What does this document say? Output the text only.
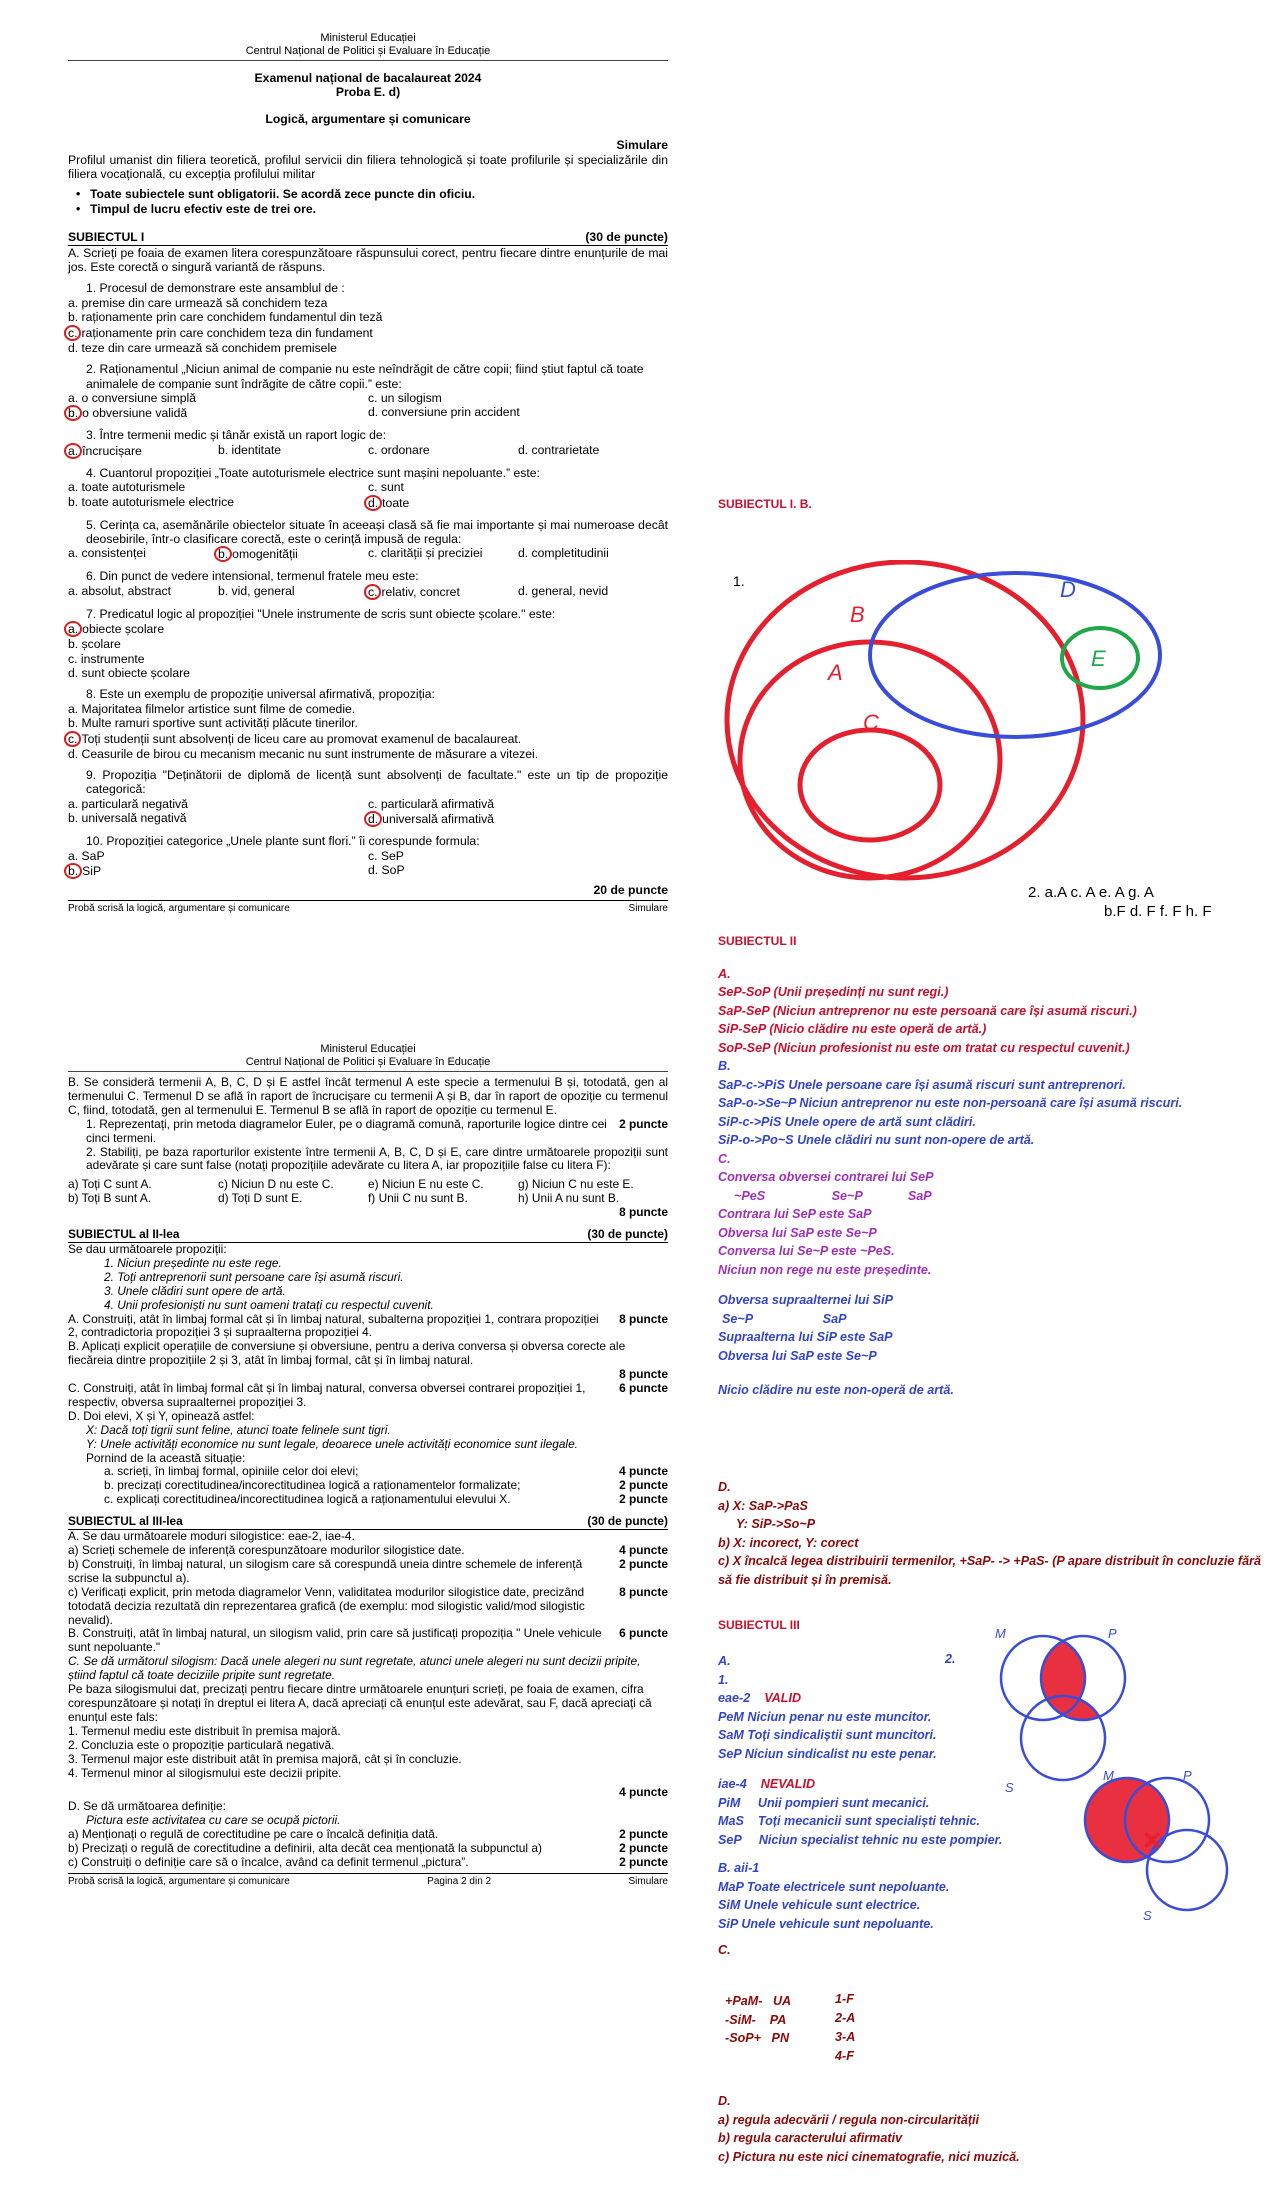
Ministerul Educației
Centrul Național de Politici și Evaluare în Educație
Examenul național de bacalaureat 2024
Proba E. d)
Logică, argumentare și comunicare
Simulare
Profilul umanist din filiera teoretică, profilul servicii din filiera tehnologică și toate profilurile și specializările din filiera vocațională, cu excepția profilului militar
• Toate subiectele sunt obligatorii. Se acordă zece puncte din oficiu.
• Timpul de lucru efectiv este de trei ore.
SUBIECTUL I	(30 de puncte)
A. Scrieți pe foaia de examen litera corespunzătoare răspunsului corect, pentru fiecare dintre enunțurile de mai jos. Este corectă o singură variantă de răspuns.
1. Procesul de demonstrare este ansamblul de :
a. premise din care urmează să conchidem teza
b. raționamente prin care conchidem fundamentul din teză
c. raționamente prin care conchidem teza din fundament
d. teze din care urmează să conchidem premisele
2. Raționamentul „Niciun animal de companie nu este neîndrăgit de către copii; fiind știut faptul că toate animalele de companie sunt îndrăgite de către copii.” este:
a. o conversiune simplă	c. un silogism
b. o obversiune validă	d. conversiune prin accident
3. Între termenii medic și tânăr există un raport logic de:
a. încrucișare	b. identitate	c. ordonare	d. contrarietate
4. Cuantorul propoziției „Toate autoturismele electrice sunt mașini nepoluante.” este:
a. toate autoturismele	c. sunt
b. toate autoturismele electrice	d. toate
5. Cerința ca, asemănările obiectelor situate în aceeași clasă să fie mai importante și mai numeroase decât deosebirile, într-o clasificare corectă, este o cerință impusă de regula:
a. consistenței	b. omogenității	c. clarității și preciziei	d. completitudinii
6. Din punct de vedere intensional, termenul fratele meu este:
a. absolut, abstract	b. vid, general	c. relativ, concret	d. general, nevid
7. Predicatul logic al propoziției "Unele instrumente de scris sunt obiecte școlare." este:
a. obiecte școlare
b. școlare
c. instrumente
d. sunt obiecte școlare
8. Este un exemplu de propoziție universal afirmativă, propoziția:
a. Majoritatea filmelor artistice sunt filme de comedie.
b. Multe ramuri sportive sunt activități plăcute tinerilor.
c. Toți studenții sunt absolvenți de liceu care au promovat examenul de bacalaureat.
d. Ceasurile de birou cu mecanism mecanic nu sunt instrumente de măsurare a vitezei.
9. Propoziția "Deținătorii de diplomă de licență sunt absolvenți de facultate." este un tip de propoziție categorică:
a. particulară negativă	c. particulară afirmativă
b. universală negativă	d. universală afirmativă
10. Propoziției categorice „Unele plante sunt flori.” îi corespunde formula:
a. SaP	c. SeP
b. SiP	d. SoP
20 de puncte
Probă scrisă la logică, argumentare și comunicare	Simulare
Ministerul Educației
Centrul Național de Politici și Evaluare în Educație
B. Se consideră termenii A, B, C, D și E astfel încât termenul A este specie a termenului B și, totodată, gen al termenului C. Termenul D se află în raport de încrucișare cu termenii A și B, dar în raport de opoziție cu termenul C, fiind, totodată, gen al termenului E. Termenul B se află în raport de opoziție cu termenul E.
1. Reprezentați, prin metoda diagramelor Euler, pe o diagramă comună, raporturile logice dintre cei cinci termeni.
2 puncte
2. Stabiliți, pe baza raporturilor existente între termenii A, B, C, D și E, care dintre următoarele propoziții sunt adevărate și care sunt false (notați propozițiile adevărate cu litera A, iar propozițiile false cu litera F):
a) Toți C sunt A.	c) Niciun D nu este C.	e) Niciun E nu este C.	g) Niciun C nu este E.
b) Toți B sunt A.	d) Toți D sunt E.	f) Unii C nu sunt B.	h) Unii A nu sunt B.
8 puncte
SUBIECTUL al II-lea	(30 de puncte)
Se dau următoarele propoziții:
1. Niciun președinte nu este rege.
2. Toți antreprenorii sunt persoane care își asumă riscuri.
3. Unele clădiri sunt opere de artă.
4. Unii profesioniști nu sunt oameni tratați cu respectul cuvenit.
A. Construiți, atât în limbaj formal cât și în limbaj natural, subalterna propoziției 1, contrara propoziției 2, contradictoria propoziției 3 și supraalterna propoziției 4.
8 puncte
B. Aplicați explicit operațiile de conversiune și obversiune, pentru a deriva conversa și obversa corecte ale fiecăreia dintre propozițiile 2 și 3, atât în limbaj formal, cât și în limbaj natural.
8 puncte
C. Construiți, atât în limbaj formal cât și în limbaj natural, conversa obversei contrarei propoziției 1, respectiv, obversa supraalternei propoziției 3.
6 puncte
D. Doi elevi, X și Y, opinează astfel:
X: Dacă toți tigrii sunt feline, atunci toate felinele sunt tigri.
Y: Unele activități economice nu sunt legale, deoarece unele activități economice sunt ilegale.
Pornind de la această situație:
a. scrieți, în limbaj formal, opiniile celor doi elevi;	4 puncte
b. precizați corectitudinea/incorectitudinea logică a raționamentelor formalizate;	2 puncte
c. explicați corectitudinea/incorectitudinea logică a raționamentului elevului X.	2 puncte
SUBIECTUL al III-lea	(30 de puncte)
A. Se dau următoarele moduri silogistice: eae-2, iae-4.
a) Scrieți schemele de inferență corespunzătoare modurilor silogistice date.	4 puncte
b) Construiți, în limbaj natural, un silogism care să corespundă uneia dintre schemele de inferență scrise la subpunctul a).
2 puncte
c) Verificați explicit, prin metoda diagramelor Venn, validitatea modurilor silogistice date, precizând totodată decizia rezultată din reprezentarea grafică (de exemplu: mod silogistic valid/mod silogistic nevalid).
8 puncte
B. Construiți, atât în limbaj natural, un silogism valid, prin care să justificați propoziția " Unele vehicule sunt nepoluante."
6 puncte
C. Se dă următorul silogism: Dacă unele alegeri nu sunt regretate, atunci unele alegeri nu sunt decizii pripite, știind faptul că toate deciziile pripite sunt regretate.
Pe baza silogismului dat, precizați pentru fiecare dintre următoarele enunțuri scrieți, pe foaia de examen, cifra corespunzătoare și notați în dreptul ei litera A, dacă apreciați că enunțul este adevărat, sau F, dacă apreciați că enunțul este fals:
1. Termenul mediu este distribuit în premisa majoră.
2. Concluzia este o propoziție particulară negativă.
3. Termenul major este distribuit atât în premisa majoră, cât și în concluzie.
4. Termenul minor al silogismului este decizii pripite.
4 puncte
D. Se dă următoarea definiție:
Pictura este activitatea cu care se ocupă pictorii.
a) Menționați o regulă de corectitudine pe care o încalcă definiția dată.	2 puncte
b) Precizați o regulă de corectitudine a definirii, alta decât cea menționată la subpunctul a)	2 puncte
c) Construiți o definiție care să o încalce, având ca definit termenul „pictura”.	2 puncte
Probă scrisă la logică, argumentare și comunicare	Pagina 2 din 2	Simulare
SUBIECTUL I. B.
1.
B
A
C
D
E
2. a.A c. A e. A g. A
b.F d. F f. F h. F
SUBIECTUL II
A.
SeP-SoP (Unii președinți nu sunt regi.)
SaP-SeP (Niciun antreprenor nu este persoană care își asumă riscuri.)
SiP-SeP (Nicio clădire nu este operă de artă.)
SoP-SeP (Niciun profesionist nu este om tratat cu respectul cuvenit.)
B.
SaP-c->PiS Unele persoane care își asumă riscuri sunt antreprenori.
SaP-o->Se~P Niciun antreprenor nu este non-persoană care își asumă riscuri.
SiP-c->PiS Unele opere de artă sunt clădiri.
SiP-o->Po~S Unele clădiri nu sunt non-opere de artă.
C.
Conversa obversei contrarei lui SeP
~PeS                   Se~P             SaP
Contrara lui SeP este SaP
Obversa lui SaP este Se~P
Conversa lui Se~P este ~PeS.
Niciun non rege nu este președinte.
Obversa supraalternei lui SiP
Se~P                    SaP
Supraalterna lui SiP este SaP
Obversa lui SaP este Se~P
Nicio clădire nu este non-operă de artă.
D.
a) X: SaP->PaS
Y: SiP->So~P
b) X: incorect, Y: corect
c) X încalcă legea distribuirii termenilor, +SaP- -> +PaS- (P apare distribuit în concluzie fără să fie distribuit și în premisă.
SUBIECTUL III
A.
1.
eae-2 VALID
PeM Niciun penar nu este muncitor.
SaM Toți sindicaliștii sunt muncitori.
SeP Niciun sindicalist nu este penar.
iae-4 NEVALID
PiM     Unii pompieri sunt mecanici.
MaS    Toți mecanicii sunt specialiști tehnic.
SeP     Niciun specialist tehnic nu este pompier.
B. aii-1
MaP Toate electricele sunt nepoluante.
SiM Unele vehicule sunt electrice.
SiP Unele vehicule sunt nepoluante.
C.
2.
+PaM-   UA
-SiM-    PA
-SoP+   PN
1-F
2-A
3-A
4-F
D.
a) regula adecvării / regula non-circularității
b) regula caracterului afirmativ
c) Pictura nu este nici cinematografie, nici muzică.
M	P
S
M	P
S
